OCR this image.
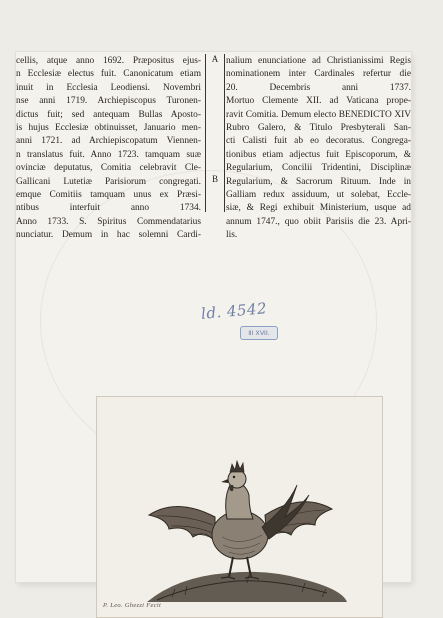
cellis, atque anno 1692. Præpositus ejus-
n Ecclesiæ electus fuit. Canonicatum etiam
inuit in Ecclesia Leodiensi. Novembri
nse anni 1719. Archiepiscopus Turonen-
dictus fuit; sed antequam Bullas Aposto-
is hujus Ecclesiæ obtinuisset, Januario men-
anni 1721. ad Archiepiscopatum Viennen-
n translatus fuit. Anno 1723. tamquam suæ
ovinciæ deputatus, Comitia celebravit Cle-
Gallicani Lutetiæ Parisiorum congregati.
emque Comitiis tamquam unus ex Præsi-
ntibus interfuit anno 1734.
Anno 1733. S. Spiritus Commendatarius
nunciatur. Demum in hac solemni Cardi-
A
B
nalium enunciatione ad Christianissimi Regis
nominationem inter Cardinales refertur die
20. Decembris anni 1737.
Mortuo Clemente XII. ad Vaticana prope-
ravit Comitia. Demum electo BENEDICTO XIV
Rubro Galero, & Titulo Presbyterali San-
cti Calisti fuit ab eo decoratus. Congrega-
tionibus etiam adjectus fuit Episcoporum, &
Regularium, Concilii Tridentini, Disciplinæ
Regularium, & Sacrorum Rituum. Inde in
Galliam redux assiduum, ut solebat, Eccle-
siæ, & Regi exhibuit Ministerium, usque ad
annum 1747., quo obiit Parisiis die 23. Apri-
lis.
ld. 4542
ⅡⅠ ⅩⅥⅠ.
P. Leo. Ghezzi Fecit
